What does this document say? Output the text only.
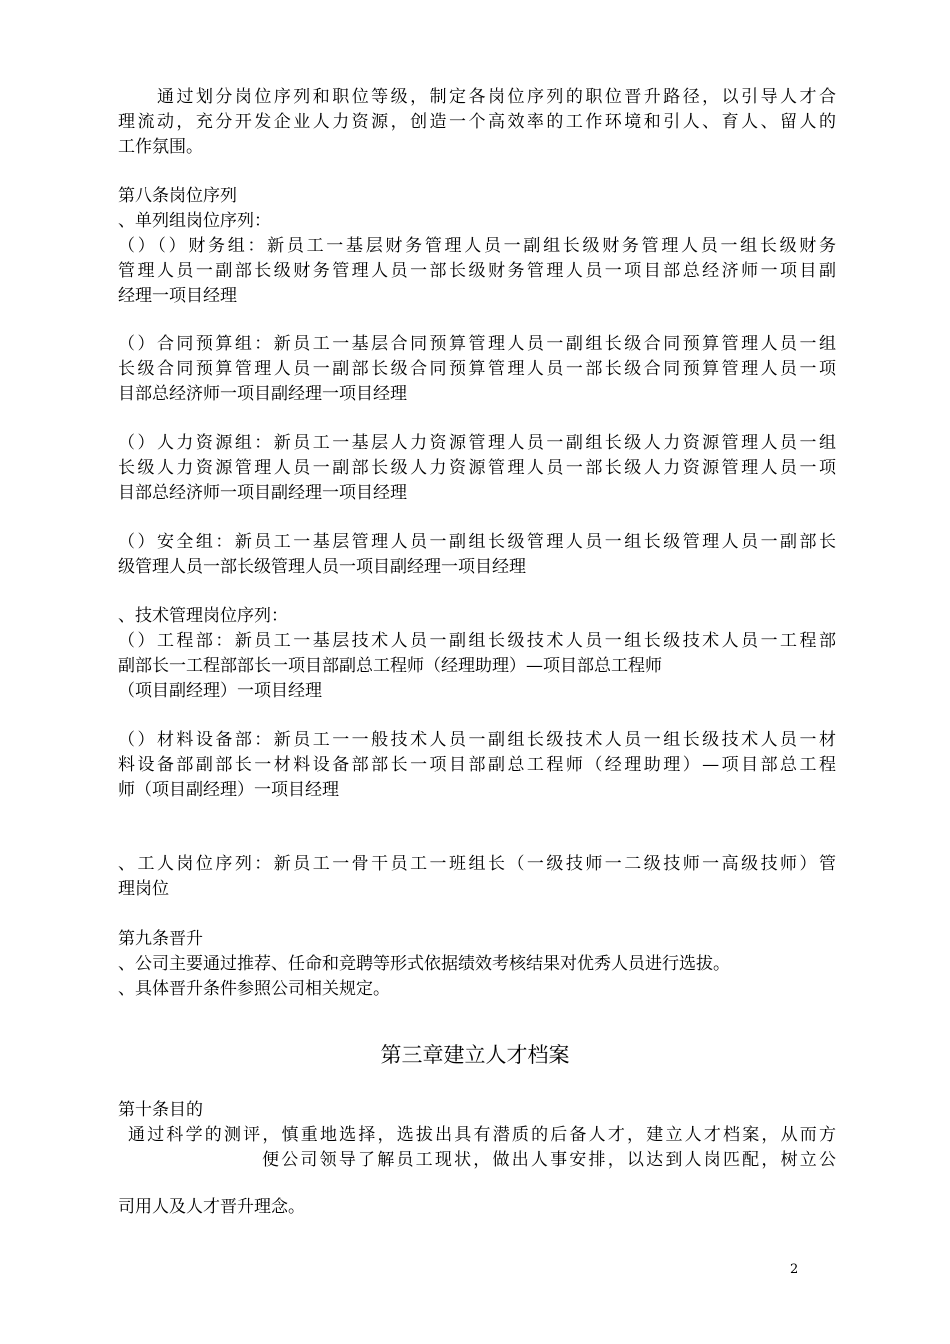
通过划分岗位序列和职位等级，制定各岗位序列的职位晋升路径，以引导人才合
理流动，充分开发企业人力资源，创造一个高效率的工作环境和引人、育人、留人的
工作氛围。
第八条岗位序列
、单列组岗位序列：
（）（）财务组：新员工一基层财务管理人员一副组长级财务管理人员一组长级财务
管理人员一副部长级财务管理人员一部长级财务管理人员一项目部总经济师一项目副
经理一项目经理
（）合同预算组：新员工一基层合同预算管理人员一副组长级合同预算管理人员一组
长级合同预算管理人员一副部长级合同预算管理人员一部长级合同预算管理人员一项
目部总经济师一项目副经理一项目经理
（）人力资源组：新员工一基层人力资源管理人员一副组长级人力资源管理人员一组
长级人力资源管理人员一副部长级人力资源管理人员一部长级人力资源管理人员一项
目部总经济师一项目副经理一项目经理
（）安全组：新员工一基层管理人员一副组长级管理人员一组长级管理人员一副部长
级管理人员一部长级管理人员一项目副经理一项目经理
、技术管理岗位序列：
（）工程部：新员工一基层技术人员一副组长级技术人员一组长级技术人员一工程部
副部长一工程部部长一项目部副总工程师（经理助理）—项目部总工程师
（项目副经理）一项目经理
（）材料设备部：新员工一一般技术人员一副组长级技术人员一组长级技术人员一材
料设备部副部长一材料设备部部长一项目部副总工程师（经理助理）—项目部总工程
师（项目副经理）一项目经理
、工人岗位序列：新员工一骨干员工一班组长（一级技师一二级技师一高级技师）管
理岗位
第九条晋升
、公司主要通过推荐、任命和竞聘等形式依据绩效考核结果对优秀人员进行选拔。
、具体晋升条件参照公司相关规定。
第三章建立人才档案
第十条目的
通过科学的测评，慎重地选择，选拔出具有潜质的后备人才，建立人才档案，从而方
便公司领导了解员工现状，做出人事安排，以达到人岗匹配，树立公
司用人及人才晋升理念。
2
